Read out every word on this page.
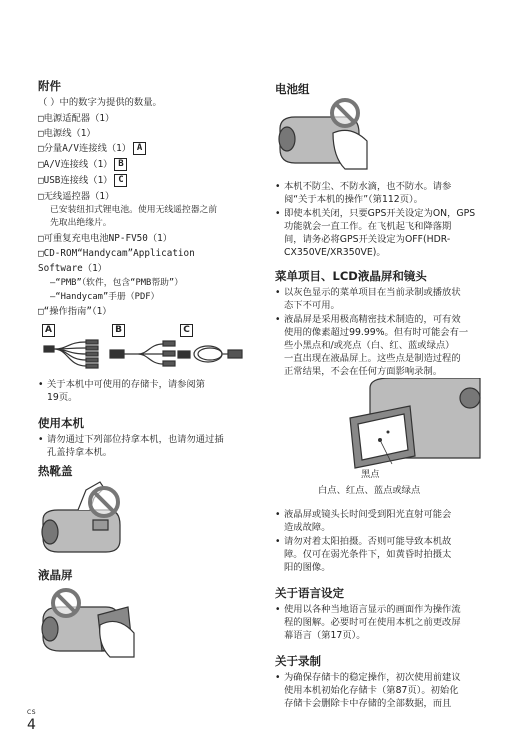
附件
（ ）中的数字为提供的数量。
□电源适配器（1）
□电源线（1）
□分量A/V连接线（1） A
□A/V连接线（1） B
□USB连接线（1） C
□无线遥控器（1）
已安装纽扣式锂电池。使用无线遥控器之前
先取出绝缘片。
□可重复充电电池NP-FV50（1）
□CD-ROM“Handycam”Application
Software（1）
–“PMB”（软件，包含“PMB帮助”）
–“Handycam”手册（PDF）
□“操作指南”（1）
A	B	C
• 关于本机中可使用的存储卡，请参阅第
19页。
使用本机
• 请勿通过下列部位持拿本机，也请勿通过插
孔盖持拿本机。
热靴盖
液晶屏
电池组
• 本机不防尘、不防水滴，也不防水。请参
阅“关于本机的操作”（第112页）。
• 即使本机关闭，只要GPS开关设定为ON，GPS
功能就会一直工作。在飞机起飞和降落期
间，请务必将GPS开关设定为OFF(HDR-
CX350VE/XR350VE)。
菜单项目、LCD液晶屏和镜头
• 以灰色显示的菜单项目在当前录制或播放状
态下不可用。
• 液晶屏是采用极高精密技术制造的，可有效
使用的像素超过99.99%。但有时可能会有一
些小黑点和/或亮点（白、红、蓝或绿点）
一直出现在液晶屏上。这些点是制造过程的
正常结果，不会在任何方面影响录制。
黑点
白点、红点、蓝点或绿点
• 液晶屏或镜头长时间受到阳光直射可能会
造成故障。
• 请勿对着太阳拍摄。否则可能导致本机故
障。仅可在弱光条件下，如黄昏时拍摄太
阳的图像。
关于语言设定
• 使用以各种当地语言显示的画面作为操作流
程的图解。必要时可在使用本机之前更改屏
幕语言（第17页）。
关于录制
• 为确保存储卡的稳定操作，初次使用前建议
使用本机初始化存储卡（第87页）。初始化
存储卡会删除卡中存储的全部数据，而且
CS
4
